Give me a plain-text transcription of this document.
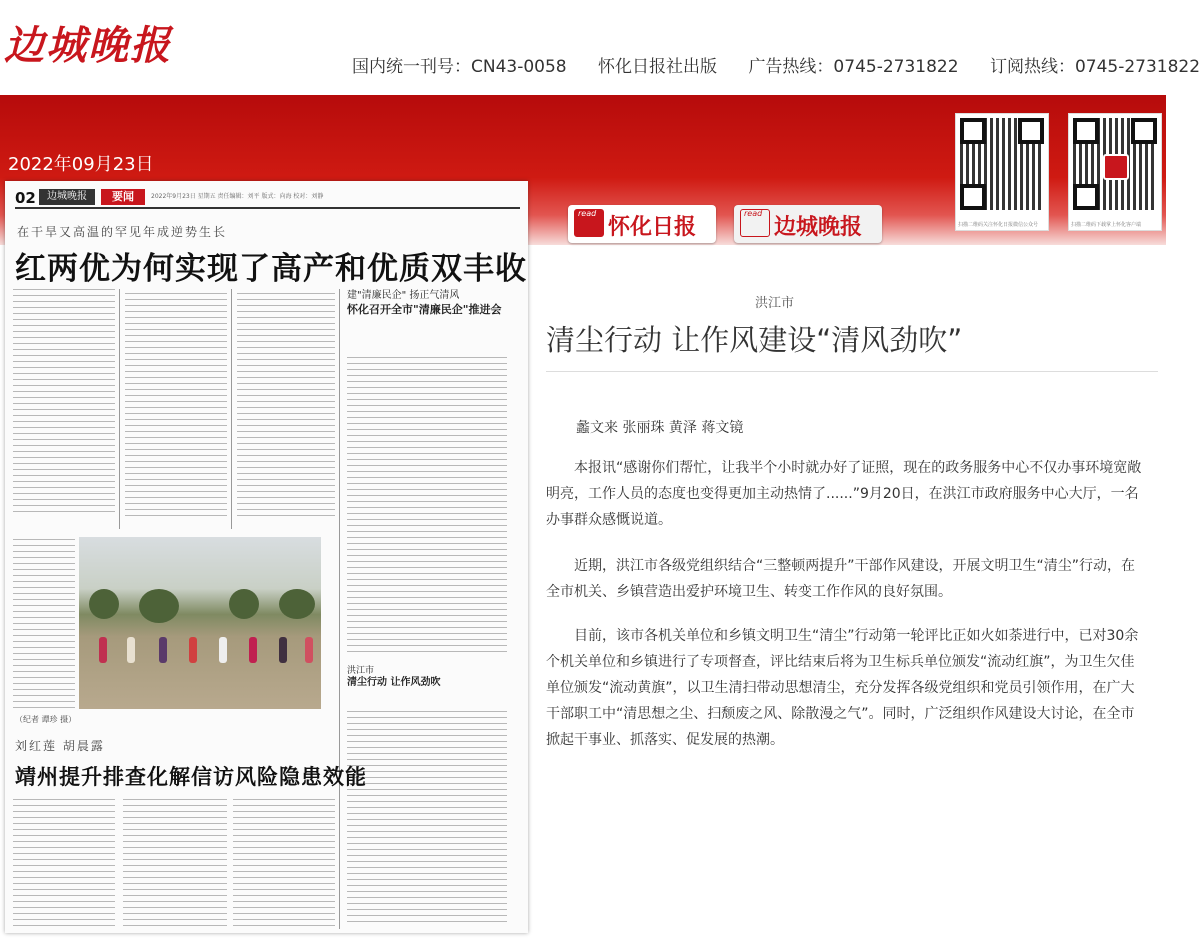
边城晚报	国内统一刊号：CN43-0058 怀化日报社出版 广告热线：0745-2731822 订阅热线：0745-2731822
2022年09月23日
扫描二维码关注怀化日报微信公众号	扫描二维码下载掌上怀化客户端
read
怀化日报
read
边城晚报
02	边城晚报	要闻	2022年9月23日 星期五 责任编辑：刘平 版式：向海 校对：刘静
在干旱又高温的罕见年成逆势生长
红两优为何实现了高产和优质双丰收
建"清廉民企" 扬正气清风
怀化召开全市"清廉民企"推进会
（纪者 谭珍 摄）
洪江市
清尘行动 让作风劲吹
刘红莲 胡晨露
靖州提升排查化解信访风险隐患效能
洪江市
清尘行动 让作风建设“清风劲吹”
蠡文来 张丽珠 黄泽 蒋文镜

本报讯“感谢你们帮忙，让我半个小时就办好了证照，现在的政务服务中心不仅办事环境宽敞明亮，工作人员的态度也变得更加主动热情了......”9月20日，在洪江市政府服务中心大厅，一名办事群众感慨说道。

近期，洪江市各级党组织结合“三整顿两提升”干部作风建设，开展文明卫生“清尘”行动，在全市机关、乡镇营造出爱护环境卫生、转变工作作风的良好氛围。

目前，该市各机关单位和乡镇文明卫生“清尘”行动第一轮评比正如火如荼进行中，已对30余个机关单位和乡镇进行了专项督查，评比结束后将为卫生标兵单位颁发“流动红旗”，为卫生欠佳单位颁发“流动黄旗”，以卫生清扫带动思想清尘，充分发挥各级党组织和党员引领作用，在广大干部职工中“清思想之尘、扫颓废之风、除散漫之气”。同时，广泛组织作风建设大讨论，在全市掀起干事业、抓落实、促发展的热潮。
